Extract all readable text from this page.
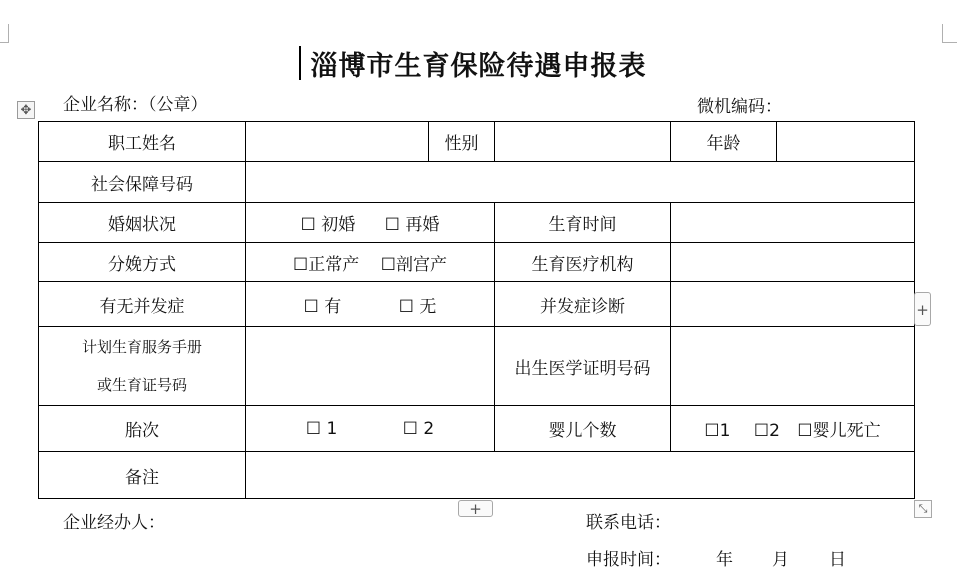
淄博市生育保险待遇申报表
企业名称：（公章）	微机编码：
✥
职工姓名		性别		年龄	
社会保障号码					
婚姻状况	☐ 初婚 ☐ 再婚		生育时间		
分娩方式	☐正常产 ☐剖宫产		生育医疗机构		
有无并发症	☐ 有 ☐ 无		并发症诊断		

计划生育服务手册
或生育证号码			出生医学证明号码		
胎次	☐ 1 ☐ 2		婴儿个数	☐1 ☐2 ☐婴儿死亡	
备注					
+
+	⤡
企业经办人：	联系电话：
申报时间：	年 月 日
